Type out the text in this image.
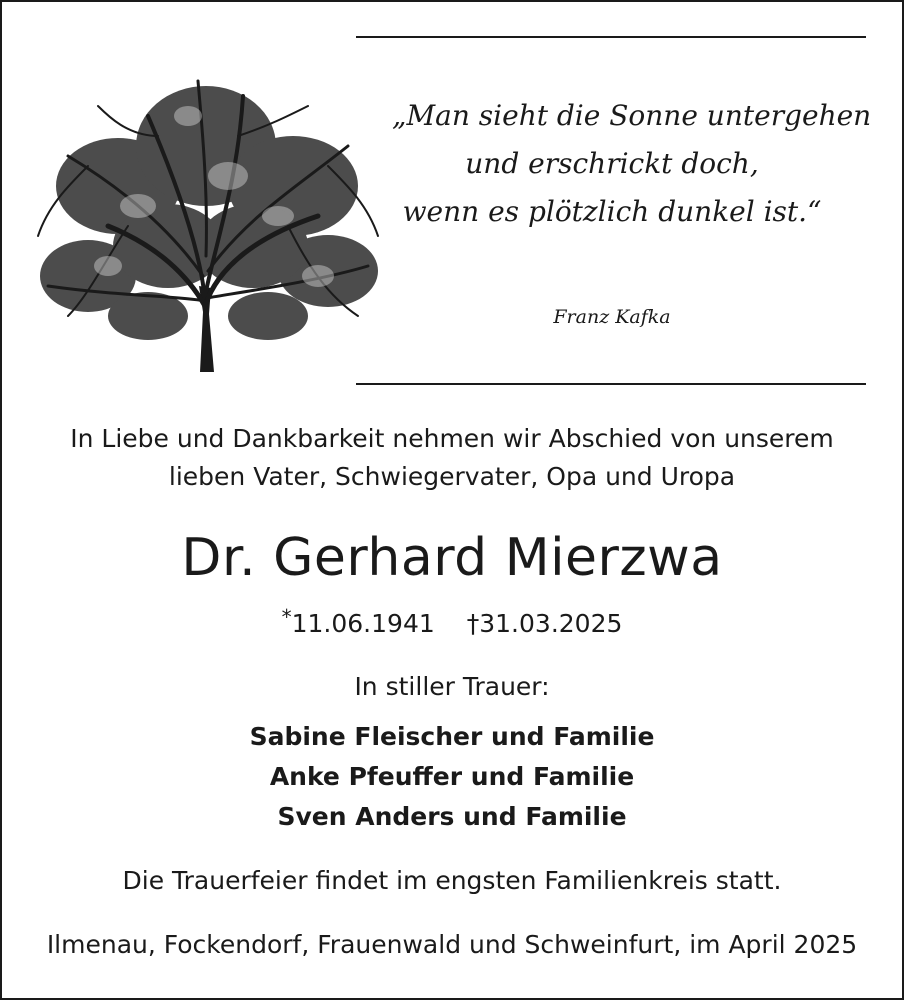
„Man sieht die Sonne untergehen
und erschrickt doch,
wenn es plötzlich dunkel ist.“
Franz Kafka
In Liebe und Dankbarkeit nehmen wir Abschied von unserem
lieben Vater, Schwiegervater, Opa und Uropa
Dr. Gerhard Mierzwa
*11.06.1941 †31.03.2025
In stiller Trauer:
Sabine Fleischer und Familie
Anke Pfeuffer und Familie
Sven Anders und Familie
Die Trauerfeier findet im engsten Familienkreis statt.
Ilmenau, Fockendorf, Frauenwald und Schweinfurt, im April 2025
